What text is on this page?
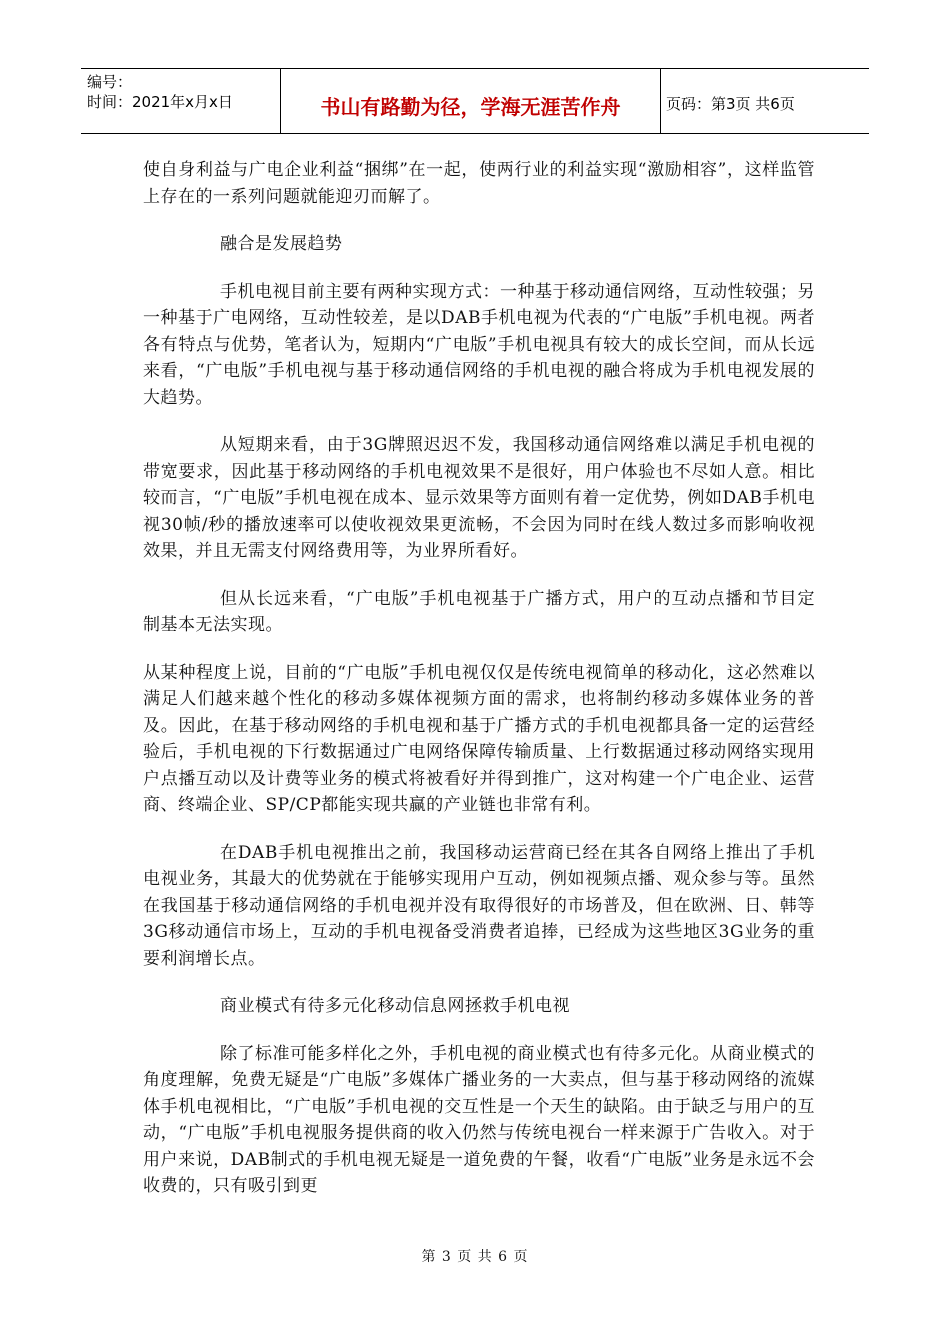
编号：
时间：2021年x月x日	书山有路勤为径，学海无涯苦作舟	页码：第3页 共6页

使自身利益与广电企业利益“捆绑”在一起，使两行业的利益实现“激励相容”，这样监管上存在的一系列问题就能迎刃而解了。

融合是发展趋势

手机电视目前主要有两种实现方式：一种基于移动通信网络，互动性较强；另一种基于广电网络，互动性较差，是以DAB手机电视为代表的“广电版”手机电视。两者各有特点与优势，笔者认为，短期内“广电版”手机电视具有较大的成长空间，而从长远来看，“广电版”手机电视与基于移动通信网络的手机电视的融合将成为手机电视发展的大趋势。

从短期来看，由于3G牌照迟迟不发，我国移动通信网络难以满足手机电视的带宽要求，因此基于移动网络的手机电视效果不是很好，用户体验也不尽如人意。相比较而言，“广电版”手机电视在成本、显示效果等方面则有着一定优势，例如DAB手机电视30帧/秒的播放速率可以使收视效果更流畅，不会因为同时在线人数过多而影响收视效果，并且无需支付网络费用等，为业界所看好。

但从长远来看，“广电版”手机电视基于广播方式，用户的互动点播和节目定制基本无法实现。

从某种程度上说，目前的“广电版”手机电视仅仅是传统电视简单的移动化，这必然难以满足人们越来越个性化的移动多媒体视频方面的需求，也将制约移动多媒体业务的普及。因此，在基于移动网络的手机电视和基于广播方式的手机电视都具备一定的运营经验后，手机电视的下行数据通过广电网络保障传输质量、上行数据通过移动网络实现用户点播互动以及计费等业务的模式将被看好并得到推广，这对构建一个广电企业、运营商、终端企业、SP/CP都能实现共赢的产业链也非常有利。

在DAB手机电视推出之前，我国移动运营商已经在其各自网络上推出了手机电视业务，其最大的优势就在于能够实现用户互动，例如视频点播、观众参与等。虽然在我国基于移动通信网络的手机电视并没有取得很好的市场普及，但在欧洲、日、韩等3G移动通信市场上，互动的手机电视备受消费者追捧，已经成为这些地区3G业务的重要利润增长点。

商业模式有待多元化移动信息网拯救手机电视

除了标准可能多样化之外，手机电视的商业模式也有待多元化。从商业模式的角度理解，免费无疑是“广电版”多媒体广播业务的一大卖点，但与基于移动网络的流媒体手机电视相比，“广电版”手机电视的交互性是一个天生的缺陷。由于缺乏与用户的互动，“广电版”手机电视服务提供商的收入仍然与传统电视台一样来源于广告收入。对于用户来说，DAB制式的手机电视无疑是一道免费的午餐，收看“广电版”业务是永远不会收费的，只有吸引到更

第 3 页 共 6 页
